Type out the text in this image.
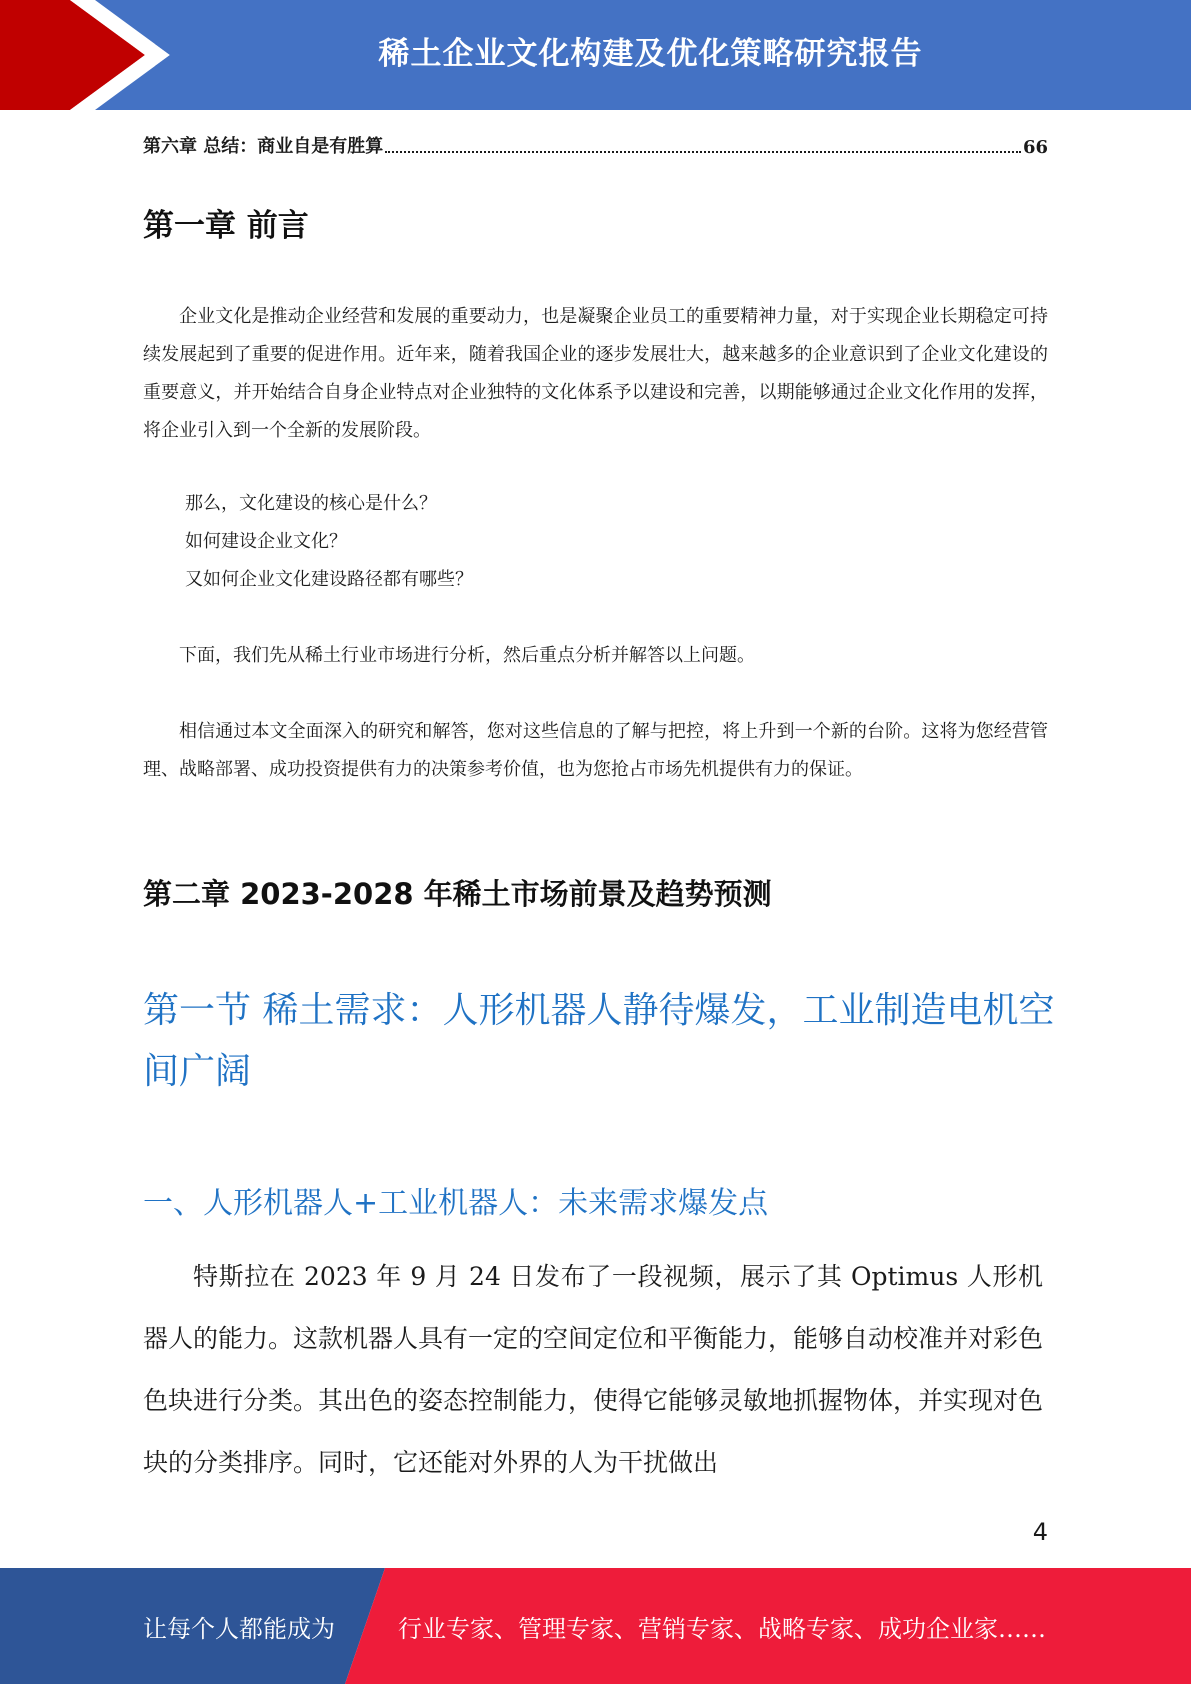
稀土企业文化构建及优化策略研究报告
第六章 总结：商业自是有胜算	66
第一章 前言
企业文化是推动企业经营和发展的重要动力，也是凝聚企业员工的重要精神力量，对于实现企业长期稳定可持续发展起到了重要的促进作用。近年来，随着我国企业的逐步发展壮大，越来越多的企业意识到了企业文化建设的重要意义，并开始结合自身企业特点对企业独特的文化体系予以建设和完善，以期能够通过企业文化作用的发挥，将企业引入到一个全新的发展阶段。
那么，文化建设的核心是什么？
如何建设企业文化？
又如何企业文化建设路径都有哪些？
下面，我们先从稀土行业市场进行分析，然后重点分析并解答以上问题。
相信通过本文全面深入的研究和解答，您对这些信息的了解与把控，将上升到一个新的台阶。这将为您经营管理、战略部署、成功投资提供有力的决策参考价值，也为您抢占市场先机提供有力的保证。
第二章 2023-2028 年稀土市场前景及趋势预测
第一节 稀土需求：人形机器人静待爆发，工业制造电机空间广阔
一、人形机器人+工业机器人：未来需求爆发点
特斯拉在 2023 年 9 月 24 日发布了一段视频，展示了其 Optimus 人形机器人的能力。这款机器人具有一定的空间定位和平衡能力，能够自动校准并对彩色色块进行分类。其出色的姿态控制能力，使得它能够灵敏地抓握物体，并实现对色块的分类排序。同时，它还能对外界的人为干扰做出
4
让每个人都能成为	行业专家、管理专家、营销专家、战略专家、成功企业家……
